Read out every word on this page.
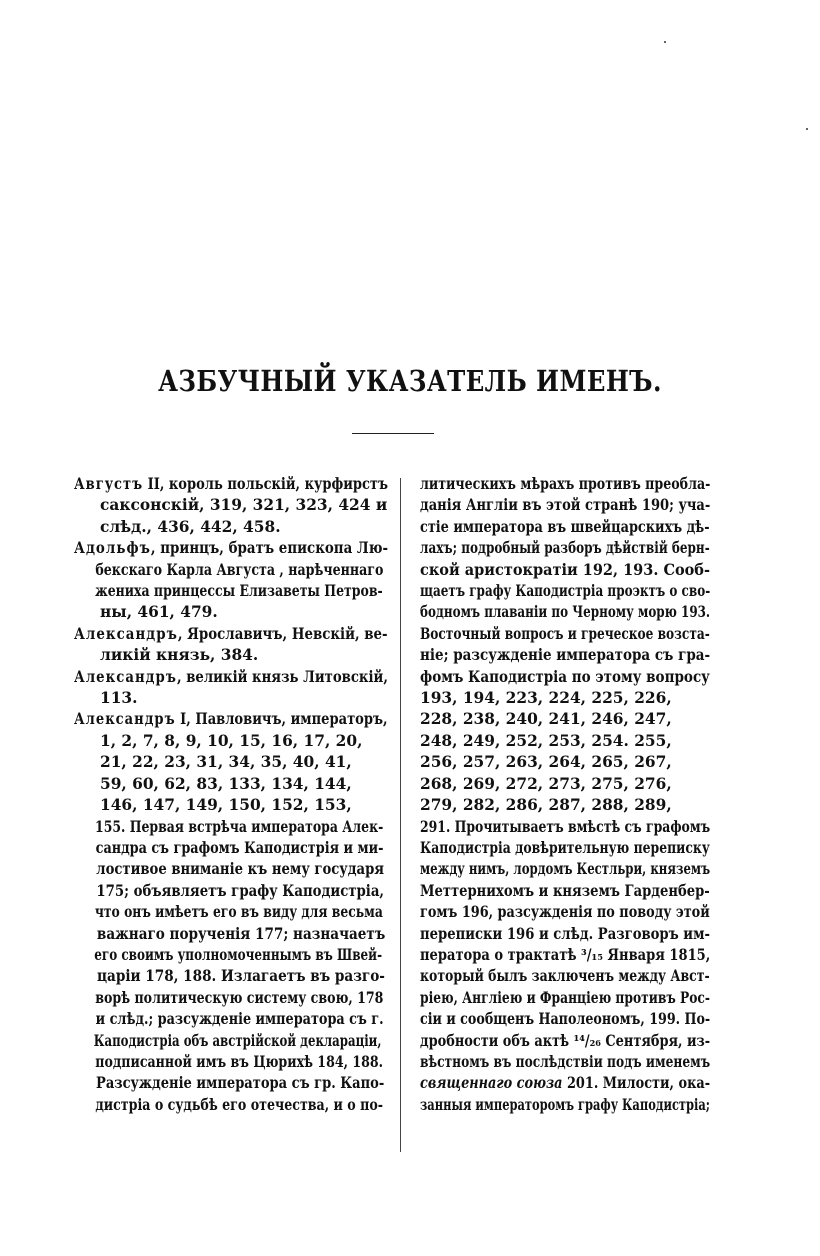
АЗБУЧНЫЙ УКАЗАТЕЛЬ ИМЕНЪ.
Августъ II, король польскій, курфирстъ
саксонскій, 319, 321, 323, 424 и
слѣд., 436, 442, 458.
Адольфъ, принцъ, братъ епископа Лю-
бекскаго Карла Августа , нарѣченнаго
жениха принцессы Елизаветы Петров-
ны, 461, 479.
Александръ, Ярославичъ, Невскій, ве-
ликій князь, 384.
Александръ, великій князь Литовскій,
113.
Александръ I, Павловичъ, императоръ,
1, 2, 7, 8, 9, 10, 15, 16, 17, 20,
21, 22, 23, 31, 34, 35, 40, 41,
59, 60, 62, 83, 133, 134, 144,
146, 147, 149, 150, 152, 153,
155. Первая встрѣча императора Алек-
сандра съ графомъ Каподистрія и ми-
лостивое вниманіе къ нему государя
175; объявляетъ графу Каподистріа,
что онъ имѣетъ его въ виду для весьма
важнаго порученія 177; назначаетъ
его своимъ уполномоченнымъ въ Швей-
царіи 178, 188. Излагаетъ въ разго-
ворѣ политическую систему свою, 178
и слѣд.; разсужденіе императора съ г.
Каподистріа объ австрійской деклараціи,
подписанной имъ въ Цюрихѣ 184, 188.
Разсужденіе императора съ гр. Капо-
дистріа о судьбѣ его отечества, и о по-
литическихъ мѣрахъ противъ преобла-
данія Англіи въ этой странѣ 190; уча-
стіе императора въ швейцарскихъ дѣ-
лахъ; подробный разборъ дѣйствій берн-
ской аристократіи 192, 193. Сооб-
щаетъ графу Каподистріа проэктъ о сво-
бодномъ плаваніи по Черному морю 193.
Восточный вопросъ и греческое возста-
ніе; разсужденіе императора съ гра-
фомъ Каподистріа по этому вопросу
193, 194, 223, 224, 225, 226,
228, 238, 240, 241, 246, 247,
248, 249, 252, 253, 254. 255,
256, 257, 263, 264, 265, 267,
268, 269, 272, 273, 275, 276,
279, 282, 286, 287, 288, 289,
291. Прочитываетъ вмѣстѣ съ графомъ
Каподистріа довѣрительную переписку
между нимъ, лордомъ Кестльри, княземъ
Меттернихомъ и княземъ Гарденбер-
гомъ 196, разсужденія по поводу этой
переписки 196 и слѣд. Разговоръ им-
ператора о трактатѣ ³/₁₅ Января 1815,
который былъ заключенъ между Авст-
ріею, Англіею и Франціею противъ Рос-
сіи и сообщенъ Наполеономъ, 199. По-
дробности объ актѣ ¹⁴/₂₆ Сентября, из-
вѣстномъ въ послѣдствіи подъ именемъ
священнаго союза 201. Милости, ока-
занныя императоромъ графу Каподистріа;
